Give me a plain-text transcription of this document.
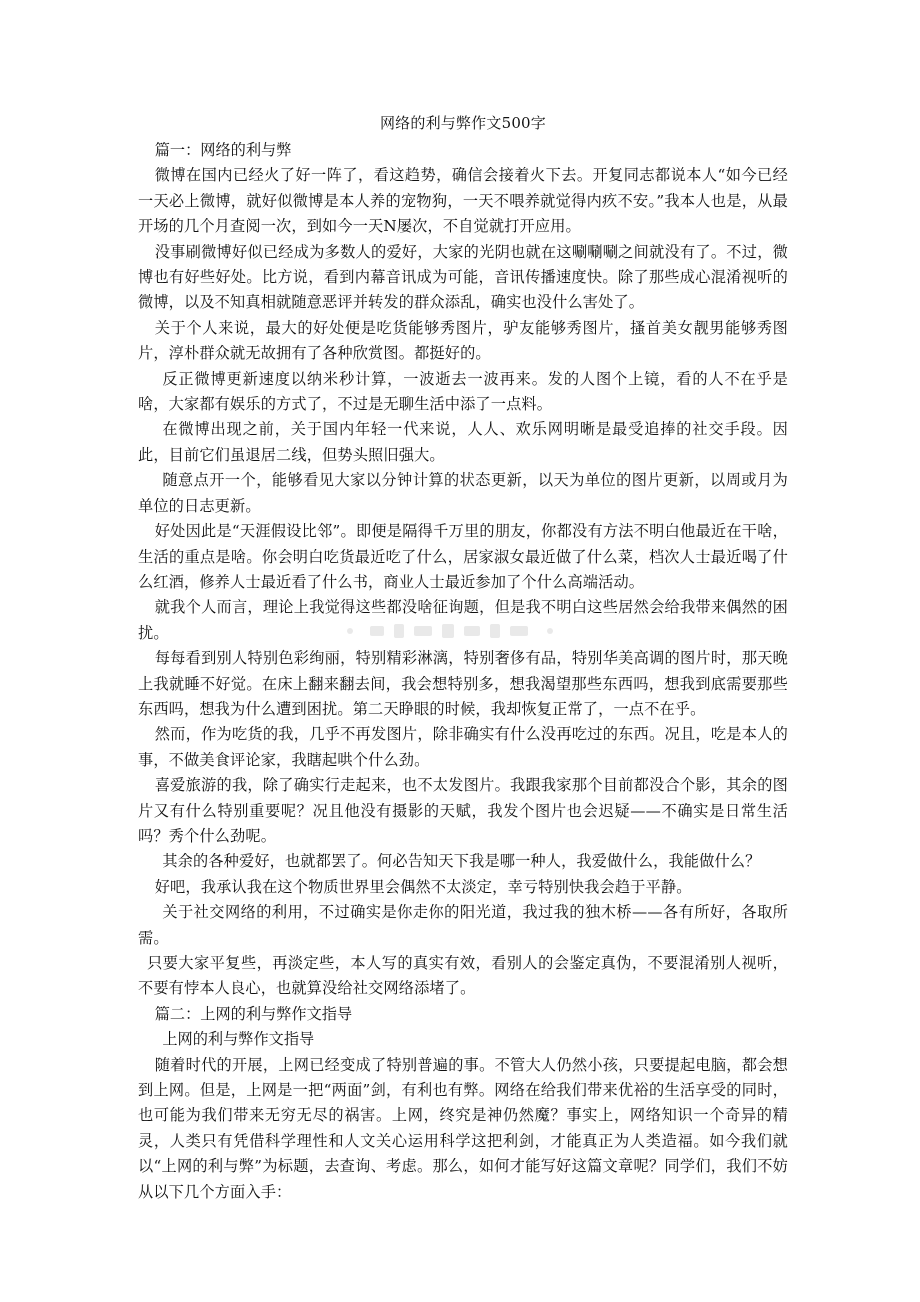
网络的利与弊作文500字
篇一：网络的利与弊

微博在国内已经火了好一阵了，看这趋势，确信会接着火下去。开复同志都说本人“如今已经一天必上微博，就好似微博是本人养的宠物狗，一天不喂养就觉得内疚不安。”我本人也是，从最开场的几个月查阅一次，到如今一天N屡次，不自觉就打开应用。

没事刷微博好似已经成为多数人的爱好，大家的光阴也就在这唰唰唰之间就没有了。不过，微博也有好些好处。比方说，看到内幕音讯成为可能，音讯传播速度快。除了那些成心混淆视听的微博，以及不知真相就随意恶评并转发的群众添乱，确实也没什么害处了。

关于个人来说，最大的好处便是吃货能够秀图片，驴友能够秀图片，搔首美女靓男能够秀图片，淳朴群众就无故拥有了各种欣赏图。都挺好的。

反正微博更新速度以纳米秒计算，一波逝去一波再来。发的人图个上镜，看的人不在乎是啥，大家都有娱乐的方式了，不过是无聊生活中添了一点料。

在微博出现之前，关于国内年轻一代来说，人人、欢乐网明晰是最受追捧的社交手段。因此，目前它们虽退居二线，但势头照旧强大。

随意点开一个，能够看见大家以分钟计算的状态更新，以天为单位的图片更新，以周或月为单位的日志更新。

好处因此是“天涯假设比邻”。即便是隔得千万里的朋友，你都没有方法不明白他最近在干啥，生活的重点是啥。你会明白吃货最近吃了什么，居家淑女最近做了什么菜，档次人士最近喝了什么红酒，修养人士最近看了什么书，商业人士最近参加了个什么高端活动。

就我个人而言，理论上我觉得这些都没啥征询题，但是我不明白这些居然会给我带来偶然的困扰。

每每看到别人特别色彩绚丽，特别精彩淋漓，特别奢侈有品，特别华美高调的图片时，那天晚上我就睡不好觉。在床上翻来翻去间，我会想特别多，想我渴望那些东西吗，想我到底需要那些东西吗，想我为什么遭到困扰。第二天睁眼的时候，我却恢复正常了，一点不在乎。

然而，作为吃货的我，几乎不再发图片，除非确实有什么没再吃过的东西。况且，吃是本人的事，不做美食评论家，我瞎起哄个什么劲。

喜爱旅游的我，除了确实行走起来，也不太发图片。我跟我家那个目前都没合个影，其余的图片又有什么特别重要呢？况且他没有摄影的天赋，我发个图片也会迟疑——不确实是日常生活吗？秀个什么劲呢。

其余的各种爱好，也就都罢了。何必告知天下我是哪一种人，我爱做什么，我能做什么？

好吧，我承认我在这个物质世界里会偶然不太淡定，幸亏特别快我会趋于平静。

关于社交网络的利用，不过确实是你走你的阳光道，我过我的独木桥——各有所好，各取所需。

只要大家平复些，再淡定些，本人写的真实有效，看别人的会鉴定真伪，不要混淆别人视听，不要有悖本人良心，也就算没给社交网络添堵了。

篇二：上网的利与弊作文指导
上网的利与弊作文指导

随着时代的开展，上网已经变成了特别普遍的事。不管大人仍然小孩，只要提起电脑，都会想到上网。但是，上网是一把“两面”剑，有利也有弊。网络在给我们带来优裕的生活享受的同时，也可能为我们带来无穷无尽的祸害。上网，终究是神仍然魔？事实上，网络知识一个奇异的精灵，人类只有凭借科学理性和人文关心运用科学这把利剑，才能真正为人类造福。如今我们就以“上网的利与弊”为标题，去查询、考虑。那么，如何才能写好这篇文章呢？同学们，我们不妨从以下几个方面入手：
